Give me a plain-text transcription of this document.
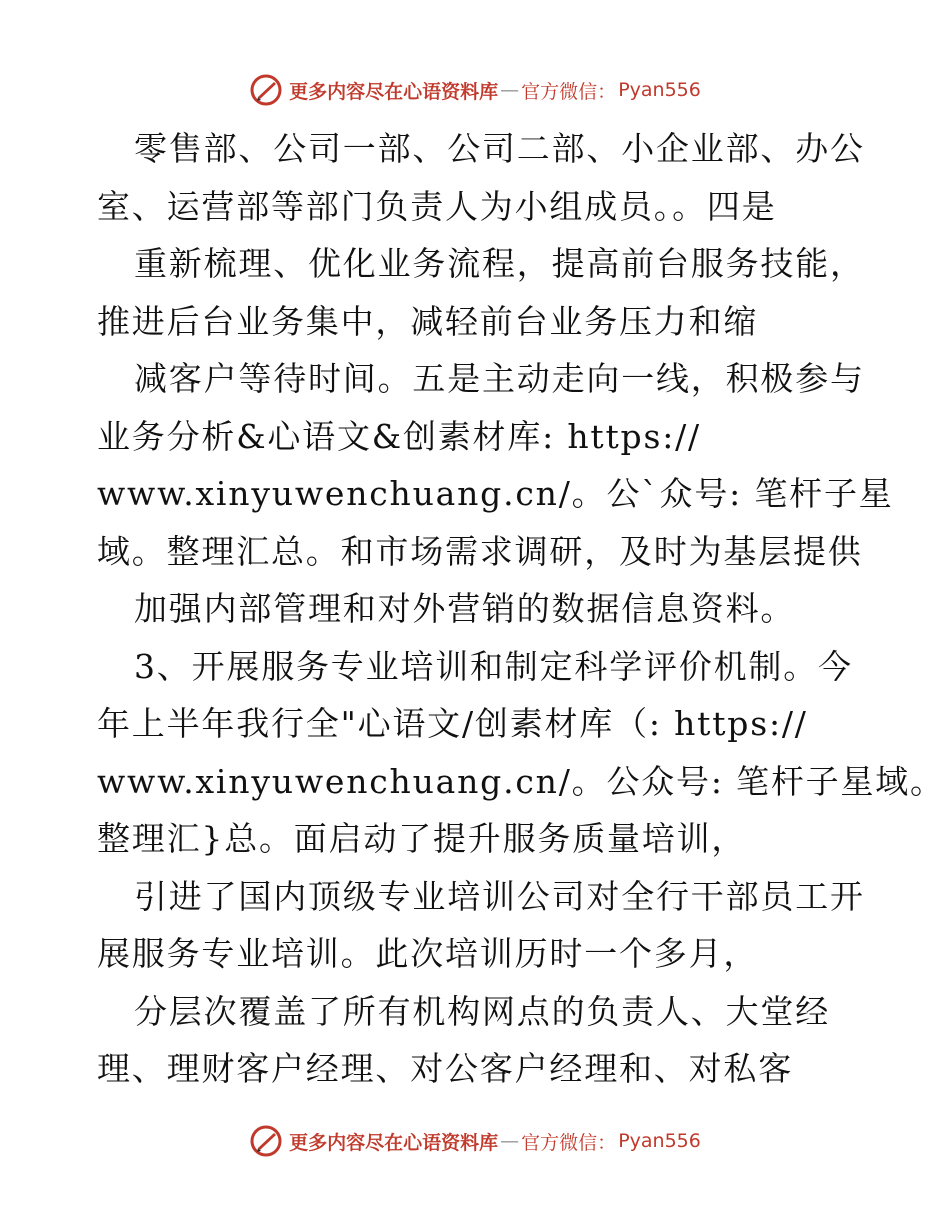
更多内容尽在心语资料库 — 官方微信： Pyan556
零售部、公司一部、公司二部、小企业部、办公
室、运营部等部门负责人为小组成员。。四是
重新梳理、优化业务流程，提高前台服务技能，
推进后台业务集中，减轻前台业务压力和缩
减客户等待时间。五是主动走向一线，积极参与
业务分析&心语文&创素材库: https://
www.xinyuwenchuang.cn/。公`众号: 笔杆子星
域。整理汇总。和市场需求调研，及时为基层提供
加强内部管理和对外营销的数据信息资料。
3、开展服务专业培训和制定科学评价机制。今
年上半年我行全"心语文/创素材库（: https://
www.xinyuwenchuang.cn/。公众号: 笔杆子星域。
整理汇}总。面启动了提升服务质量培训，
引进了国内顶级专业培训公司对全行干部员工开
展服务专业培训。此次培训历时一个多月，
分层次覆盖了所有机构网点的负责人、大堂经
理、理财客户经理、对公客户经理和、对私客
更多内容尽在心语资料库 — 官方微信： Pyan556
